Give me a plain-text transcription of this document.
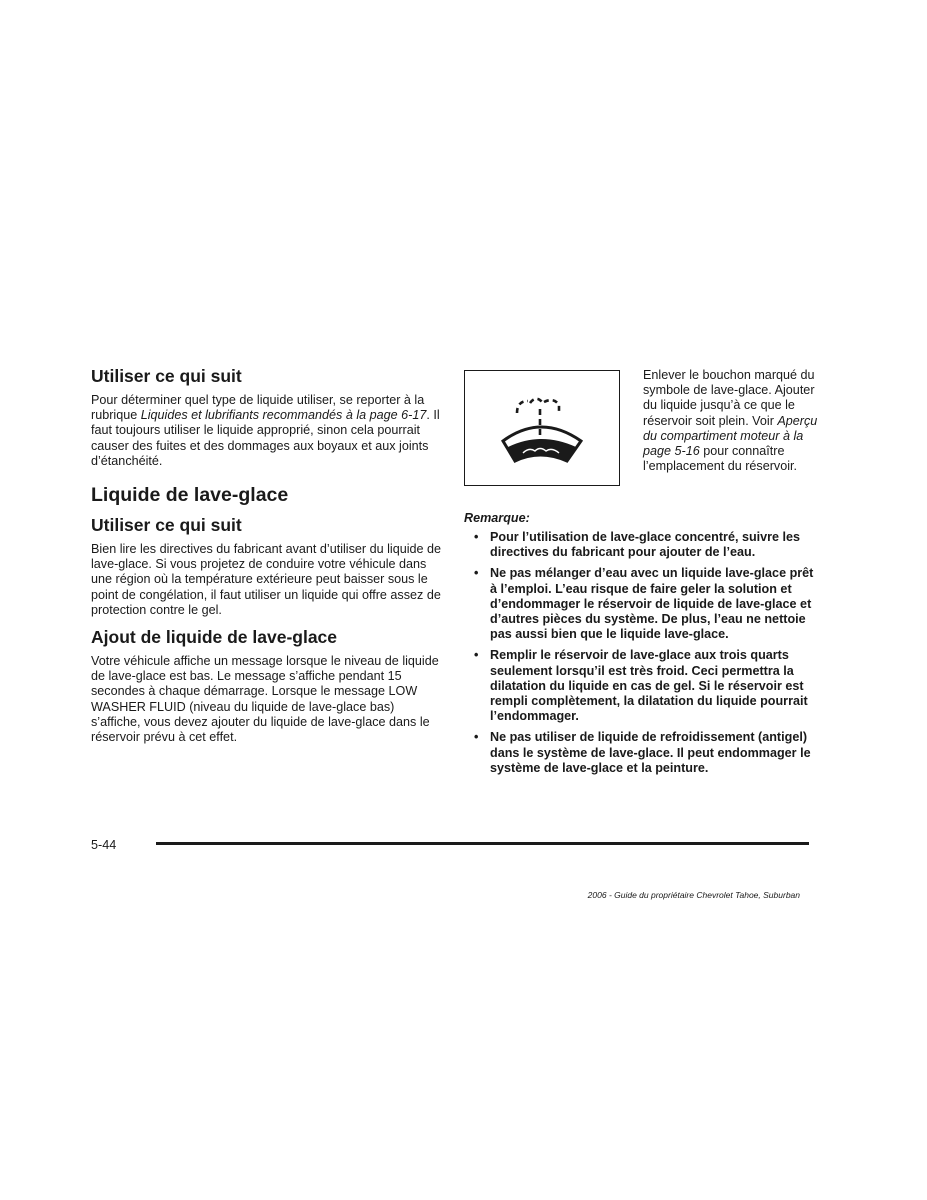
Utiliser ce qui suit

Pour déterminer quel type de liquide utiliser, se reporter à la rubrique Liquides et lubrifiants recommandés à la page 6-17. Il faut toujours utiliser le liquide approprié, sinon cela pourrait causer des fuites et des dommages aux boyaux et aux joints d’étanchéité.

Liquide de lave-glace
Utiliser ce qui suit

Bien lire les directives du fabricant avant d’utiliser du liquide de lave-glace. Si vous projetez de conduire votre véhicule dans une région où la température extérieure peut baisser sous le point de congélation, il faut utiliser un liquide qui offre assez de protection contre le gel.

Ajout de liquide de lave-glace

Votre véhicule affiche un message lorsque le niveau de liquide de lave-glace est bas. Le message s’affiche pendant 15 secondes à chaque démarrage. Lorsque le message LOW WASHER FLUID (niveau du liquide de lave-glace bas) s’affiche, vous devez ajouter du liquide de lave-glace dans le réservoir prévu à cet effet.

Enlever le bouchon marqué du symbole de lave-glace. Ajouter du liquide jusqu’à ce que le réservoir soit plein. Voir Aperçu du compartiment moteur à la page 5-16 pour connaître l’emplacement du réservoir.
Remarque:
• Pour l’utilisation de lave-glace concentré, suivre les directives du fabricant pour ajouter de l’eau.
• Ne pas mélanger d’eau avec un liquide lave-glace prêt à l’emploi. L’eau risque de faire geler la solution et d’endommager le réservoir de liquide de lave-glace et d’autres pièces du système. De plus, l’eau ne nettoie pas aussi bien que le liquide lave-glace.
• Remplir le réservoir de lave-glace aux trois quarts seulement lorsqu’il est très froid. Ceci permettra la dilatation du liquide en cas de gel. Si le réservoir est rempli complètement, la dilatation du liquide pourrait l’endommager.
• Ne pas utiliser de liquide de refroidissement (antigel) dans le système de lave-glace. Il peut endommager le système de lave-glace et la peinture.
5-44
2006 - Guide du propriétaire Chevrolet Tahoe, Suburban
